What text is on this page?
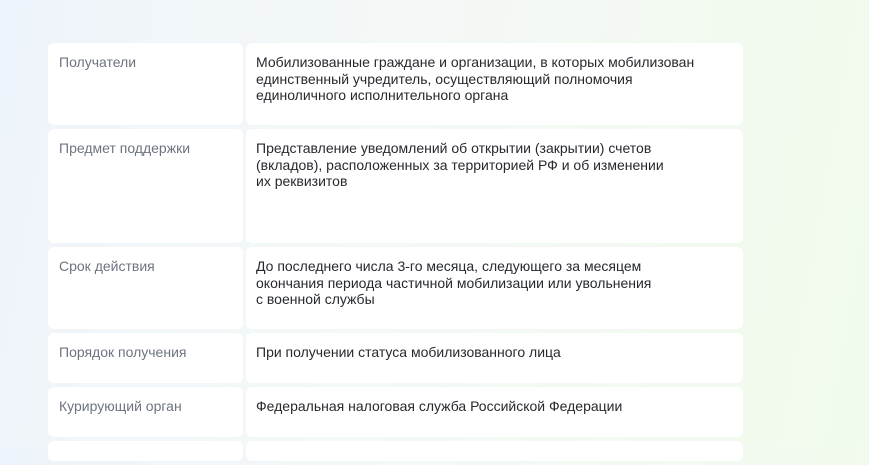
Получатели	Мобилизованные граждане и организации, в которых мобилизован
единственный учредитель, осуществляющий полномочия
единоличного исполнительного органа
Предмет поддержки	Представление уведомлений об открытии (закрытии) счетов
(вкладов), расположенных за территорией РФ и об изменении
их реквизитов
Срок действия	До последнего числа 3-го месяца, следующего за месяцем
окончания периода частичной мобилизации или увольнения
с военной службы
Порядок получения	При получении статуса мобилизованного лица
Курирующий орган	Федеральная налоговая служба Российской Федерации
